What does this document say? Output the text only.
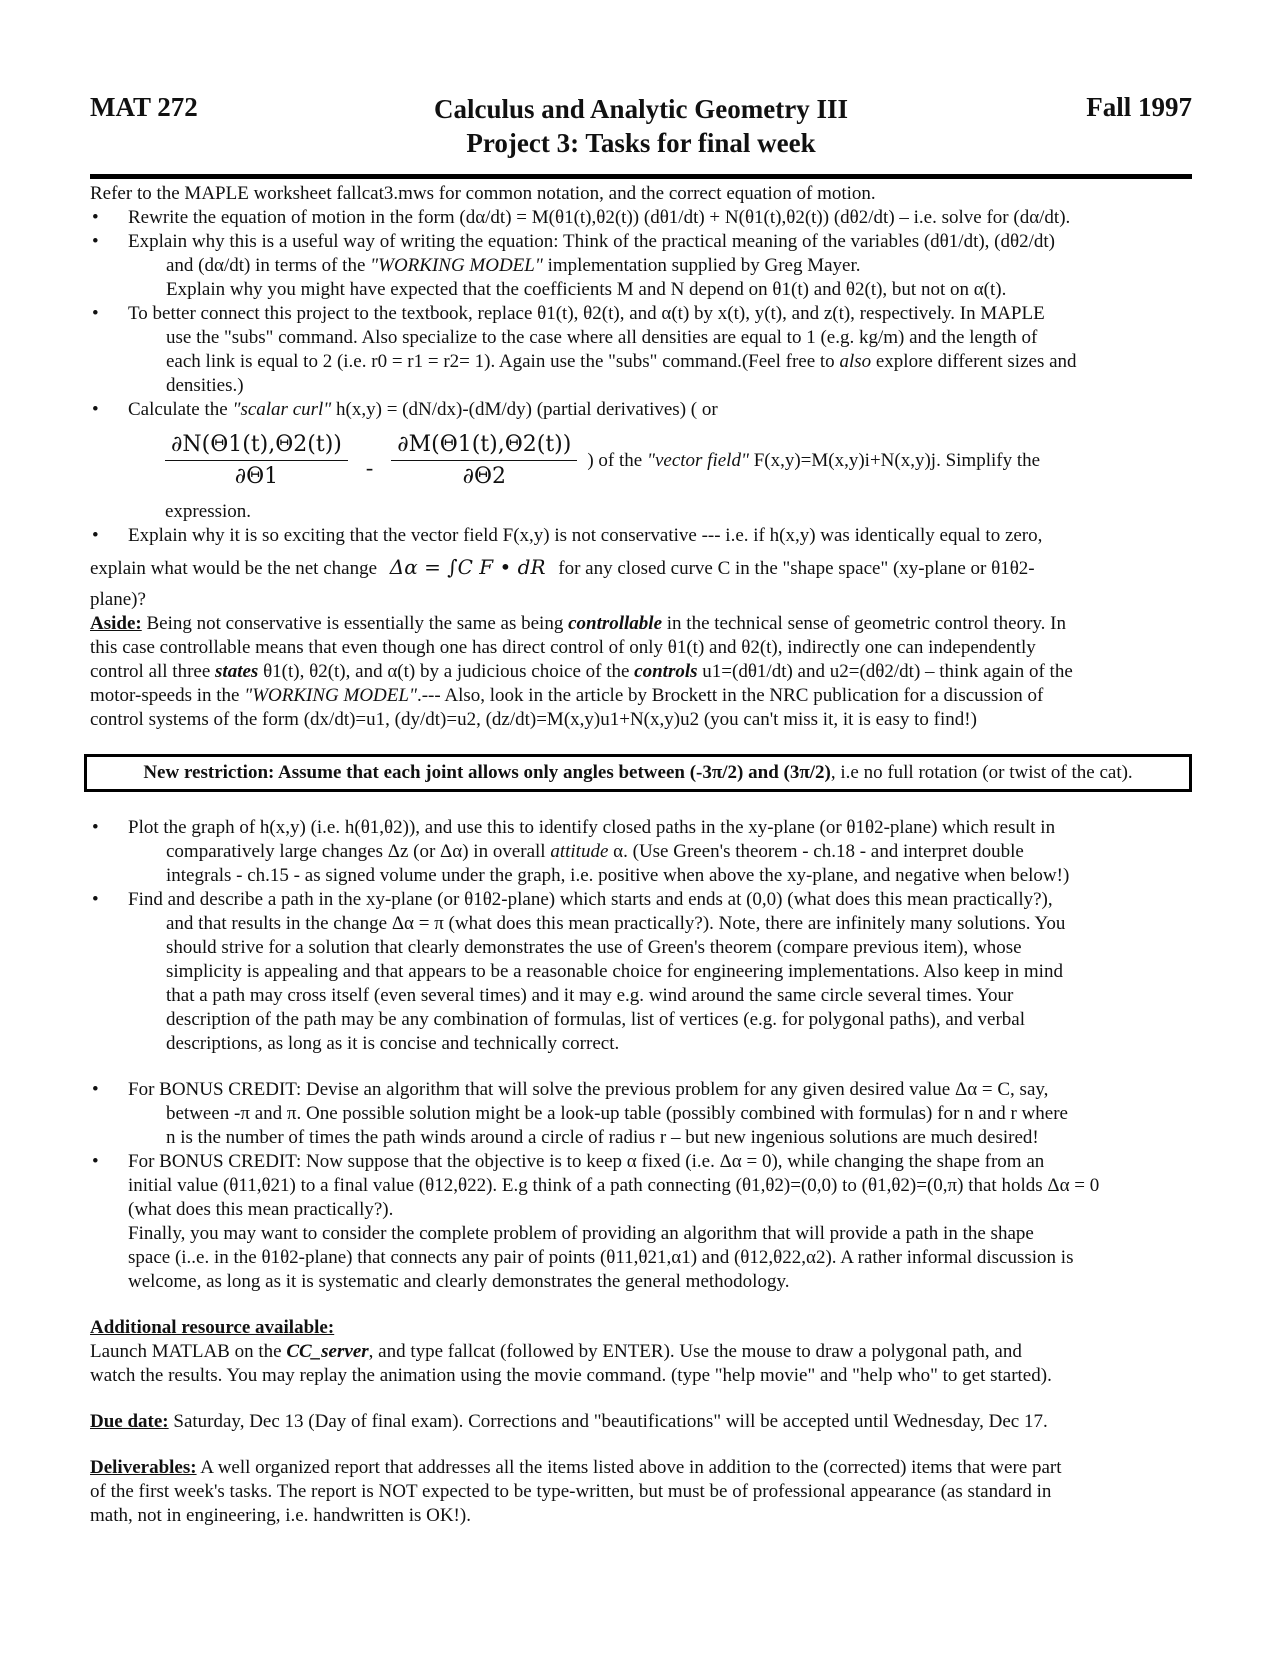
MAT 272	Calculus and Analytic Geometry III
Project 3: Tasks for final week
Fall 1997

Refer to the MAPLE worksheet fallcat3.mws for common notation, and the correct equation of motion.

• Rewrite the equation of motion in the form (dα/dt) = M(θ1(t),θ2(t)) (dθ1/dt) + N(θ1(t),θ2(t)) (dθ2/dt) – i.e. solve for (dα/dt).
• Explain why this is a useful way of writing the equation: Think of the practical meaning of the variables (dθ1/dt), (dθ2/dt)
and (dα/dt) in terms of the "WORKING MODEL" implementation supplied by Greg Mayer.
Explain why you might have expected that the coefficients M and N depend on θ1(t) and θ2(t), but not on α(t).
• To better connect this project to the textbook, replace θ1(t), θ2(t), and α(t) by x(t), y(t), and z(t), respectively. In MAPLE
use the "subs" command. Also specialize to the case where all densities are equal to 1 (e.g. kg/m) and the length of
each link is equal to 2 (i.e. r0 = r1 = r2= 1). Again use the "subs" command.(Feel free to also explore different sizes and
densities.)
• Calculate the "scalar curl" h(x,y) = (dN/dx)-(dM/dy) (partial derivatives) ( or
$\frac{\partial N(\Theta 1(t),\Theta 2(t))}{\partial\Theta 1} - \frac{\partial M(\Theta 1(t),\Theta 2(t))}{\partial\Theta 2}$ ) of the "vector field" F(x,y)=M(x,y)i+N(x,y)j. Simplify the
expression.
• Explain why it is so exciting that the vector field F(x,y) is not conservative --- i.e. if h(x,y) was identically equal to zero,
explain what would be the net change Δα = ∫C F • dR for any closed curve C in the "shape space" (xy-plane or θ1θ2-
plane)?

Aside: Being not conservative is essentially the same as being controllable in the technical sense of geometric control theory. In

this case controllable means that even though one has direct control of only θ1(t) and θ2(t), indirectly one can independently

control all three states θ1(t), θ2(t), and α(t) by a judicious choice of the controls u1=(dθ1/dt) and u2=(dθ2/dt) – think again of the

motor-speeds in the "WORKING MODEL".--- Also, look in the article by Brockett in the NRC publication for a discussion of

control systems of the form (dx/dt)=u1, (dy/dt)=u2, (dz/dt)=M(x,y)u1+N(x,y)u2 (you can't miss it, it is easy to find!)

New restriction: Assume that each joint allows only angles between (-3π/2) and (3π/2), i.e no full rotation (or twist of the cat).
• Plot the graph of h(x,y) (i.e. h(θ1,θ2)), and use this to identify closed paths in the xy-plane (or θ1θ2-plane) which result in
comparatively large changes Δz (or Δα) in overall attitude α. (Use Green's theorem - ch.18 - and interpret double
integrals - ch.15 - as signed volume under the graph, i.e. positive when above the xy-plane, and negative when below!)
• Find and describe a path in the xy-plane (or θ1θ2-plane) which starts and ends at (0,0) (what does this mean practically?),
and that results in the change Δα = π (what does this mean practically?). Note, there are infinitely many solutions. You
should strive for a solution that clearly demonstrates the use of Green's theorem (compare previous item), whose
simplicity is appealing and that appears to be a reasonable choice for engineering implementations. Also keep in mind
that a path may cross itself (even several times) and it may e.g. wind around the same circle several times. Your
description of the path may be any combination of formulas, list of vertices (e.g. for polygonal paths), and verbal
descriptions, as long as it is concise and technically correct.
• For BONUS CREDIT: Devise an algorithm that will solve the previous problem for any given desired value Δα = C, say,
between -π and π. One possible solution might be a look-up table (possibly combined with formulas) for n and r where
n is the number of times the path winds around a circle of radius r – but new ingenious solutions are much desired!
• For BONUS CREDIT: Now suppose that the objective is to keep α fixed (i.e. Δα = 0), while changing the shape from an
initial value (θ11,θ21) to a final value (θ12,θ22). E.g think of a path connecting (θ1,θ2)=(0,0) to (θ1,θ2)=(0,π) that holds Δα = 0
(what does this mean practically?).
Finally, you may want to consider the complete problem of providing an algorithm that will provide a path in the shape
space (i..e. in the θ1θ2-plane) that connects any pair of points (θ11,θ21,α1) and (θ12,θ22,α2). A rather informal discussion is
welcome, as long as it is systematic and clearly demonstrates the general methodology.

Additional resource available:

Launch MATLAB on the CC_server, and type fallcat (followed by ENTER). Use the mouse to draw a polygonal path, and

watch the results. You may replay the animation using the movie command. (type "help movie" and "help who" to get started).

Due date: Saturday, Dec 13 (Day of final exam). Corrections and "beautifications" will be accepted until Wednesday, Dec 17.

Deliverables: A well organized report that addresses all the items listed above in addition to the (corrected) items that were part

of the first week's tasks. The report is NOT expected to be type-written, but must be of professional appearance (as standard in

math, not in engineering, i.e. handwritten is OK!).
